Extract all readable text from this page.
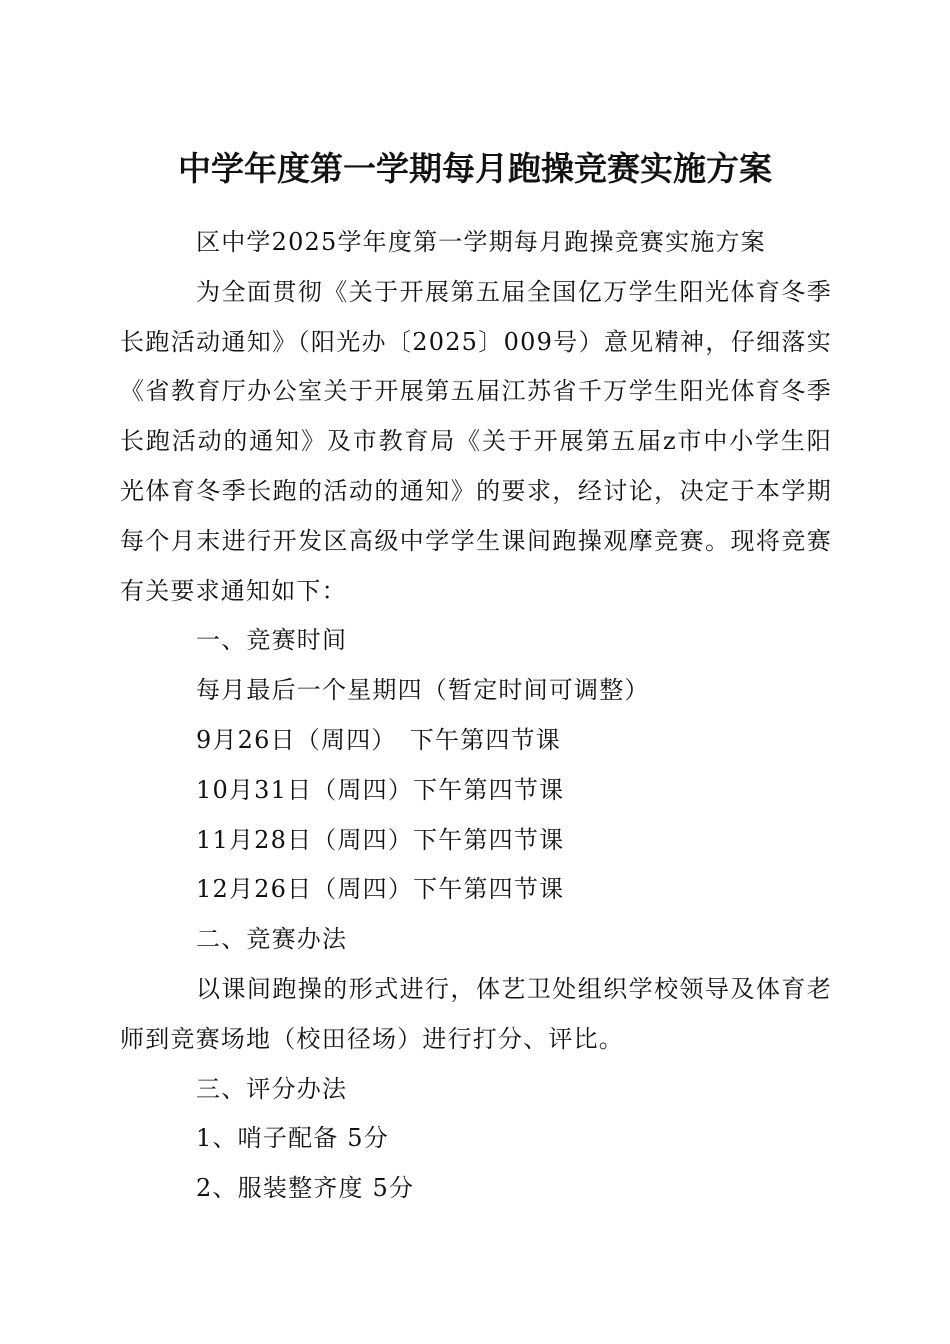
中学年度第一学期每月跑操竞赛实施方案

区中学2025学年度第一学期每月跑操竞赛实施方案

为全面贯彻《关于开展第五届全国亿万学生阳光体育冬季长跑活动通知》（阳光办〔2025〕009号）意见精神，仔细落实《省教育厅办公室关于开展第五届江苏省千万学生阳光体育冬季长跑活动的通知》及市教育局《关于开展第五届z市中小学生阳光体育冬季长跑的活动的通知》的要求，经讨论，决定于本学期每个月末进行开发区高级中学学生课间跑操观摩竞赛。现将竞赛有关要求通知如下：

一、竞赛时间

每月最后一个星期四（暂定时间可调整）

9月26日（周四）　下午第四节课

10月31日（周四）下午第四节课

11月28日（周四）下午第四节课

12月26日（周四）下午第四节课

二、竞赛办法

以课间跑操的形式进行，体艺卫处组织学校领导及体育老师到竞赛场地（校田径场）进行打分、评比。

三、评分办法

1、哨子配备 5分

2、服装整齐度 5分
